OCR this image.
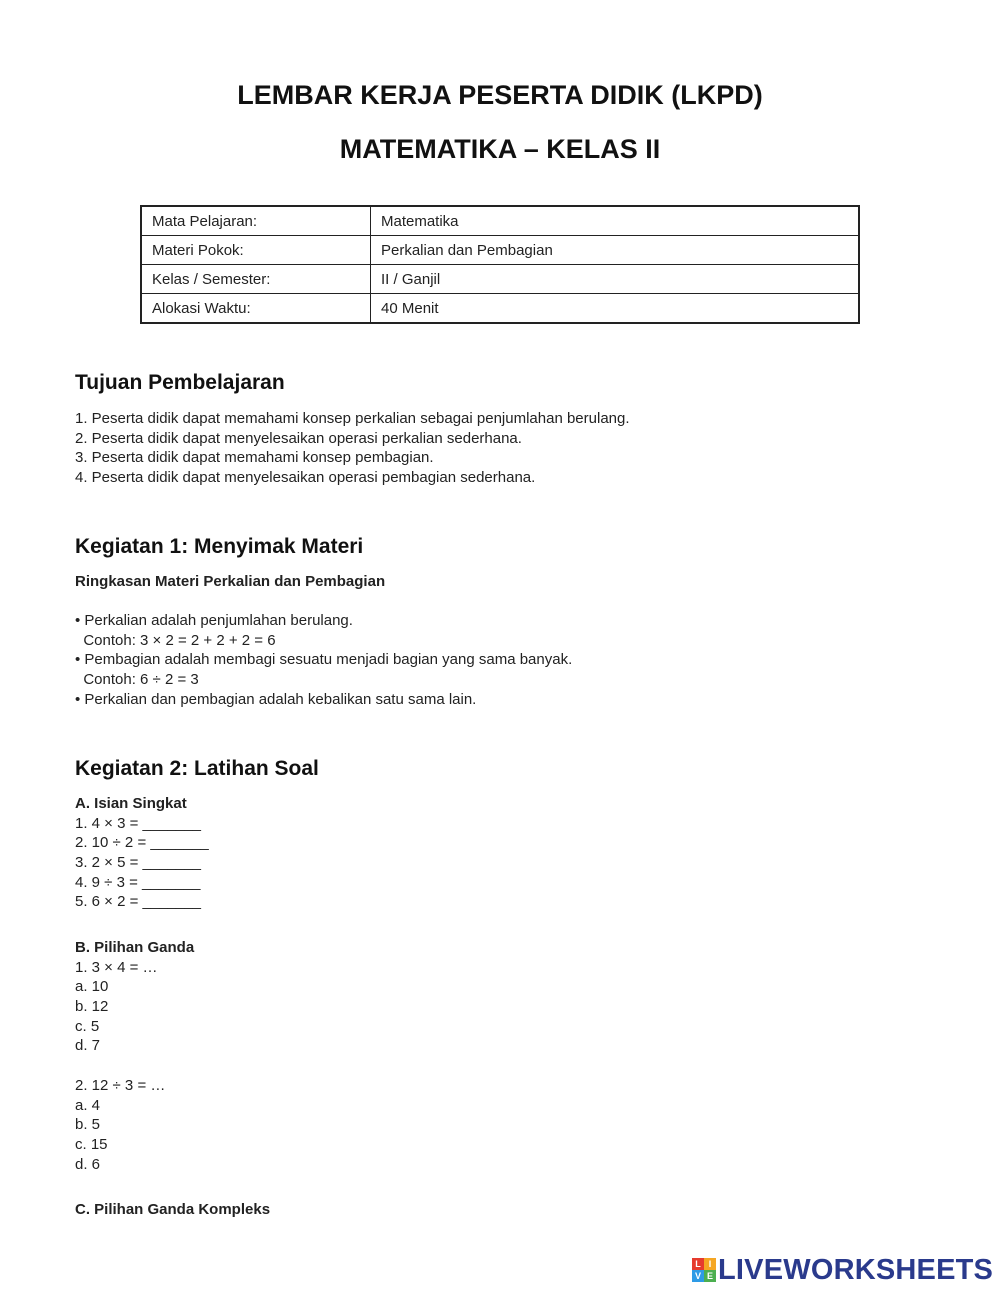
LEMBAR KERJA PESERTA DIDIK (LKPD)
MATEMATIKA – KELAS II
Mata Pelajaran:	Matematika
Materi Pokok:	Perkalian dan Pembagian
Kelas / Semester:	II / Ganjil
Alokasi Waktu:	40 Menit
Tujuan Pembelajaran
1. Peserta didik dapat memahami konsep perkalian sebagai penjumlahan berulang.
2. Peserta didik dapat menyelesaikan operasi perkalian sederhana.
3. Peserta didik dapat memahami konsep pembagian.
4. Peserta didik dapat menyelesaikan operasi pembagian sederhana.
Kegiatan 1: Menyimak Materi
Ringkasan Materi Perkalian dan Pembagian
• Perkalian adalah penjumlahan berulang.
Contoh: 3 × 2 = 2 + 2 + 2 = 6
• Pembagian adalah membagi sesuatu menjadi bagian yang sama banyak.
Contoh: 6 ÷ 2 = 3
• Perkalian dan pembagian adalah kebalikan satu sama lain.
Kegiatan 2: Latihan Soal
A. Isian Singkat
1. 4 × 3 = _______
2. 10 ÷ 2 = _______
3. 2 × 5 = _______
4. 9 ÷ 3 = _______
5. 6 × 2 = _______
B. Pilihan Ganda
1. 3 × 4 = …
a. 10
b. 12
c. 5
d. 7
2. 12 ÷ 3 = …
a. 4
b. 5
c. 15
d. 6
C. Pilihan Ganda Kompleks
L I
V E LIVEWORKSHEETS
